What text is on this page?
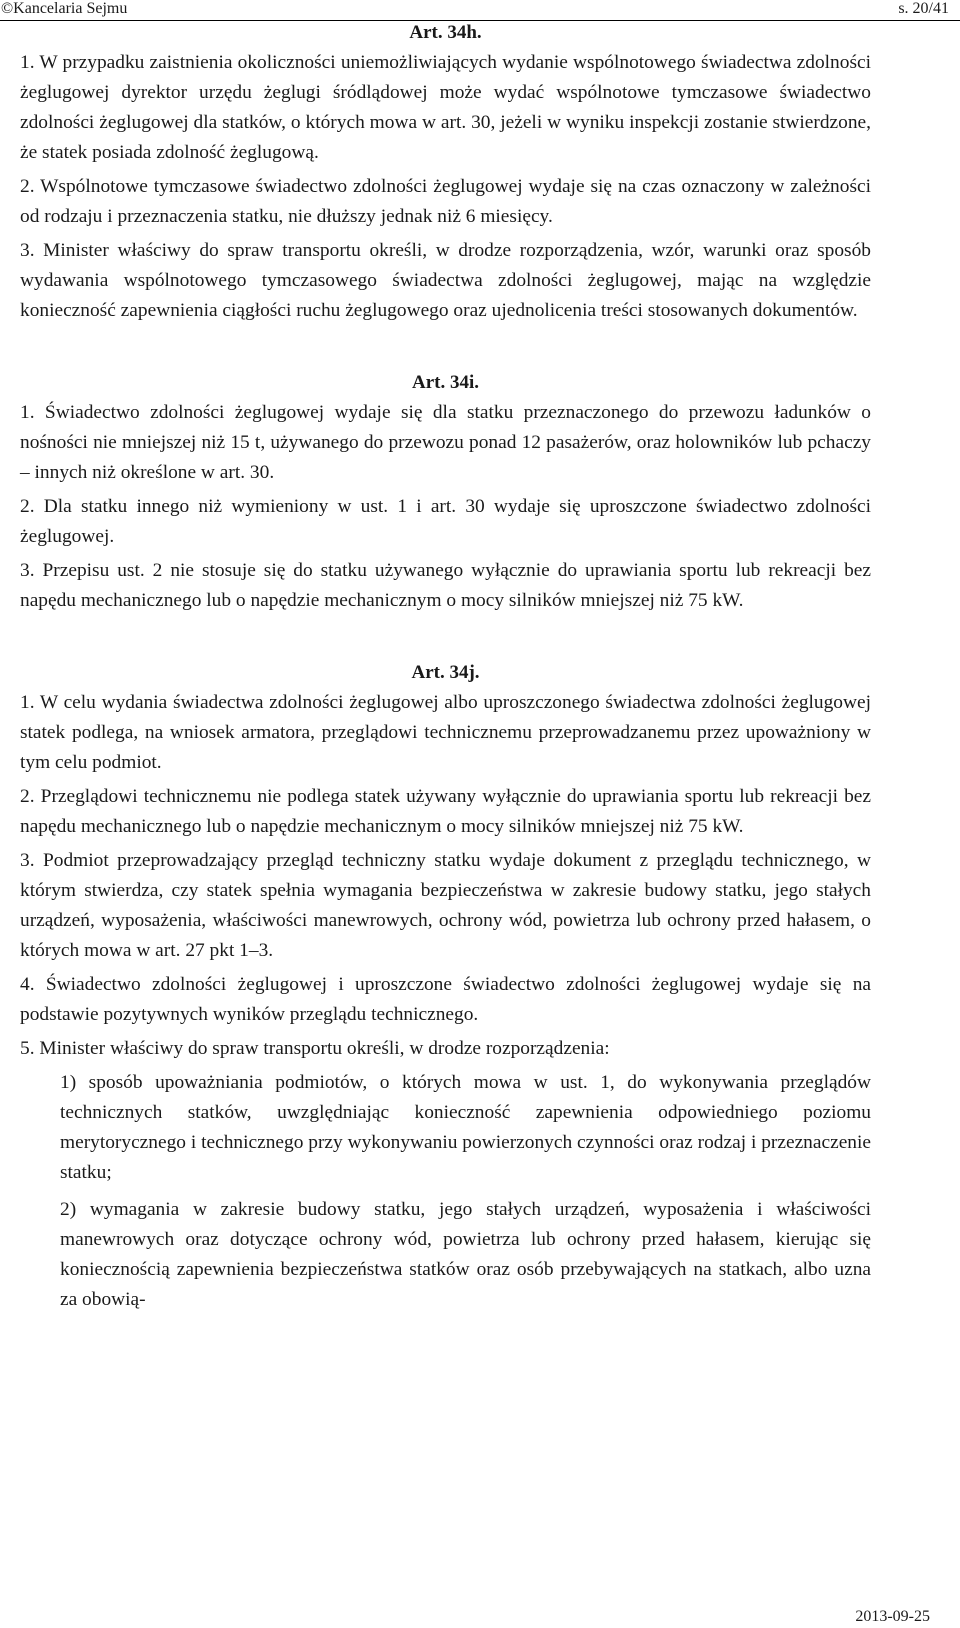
©Kancelaria Sejmu	s. 20/41
Art. 34h.
1. W przypadku zaistnienia okoliczności uniemożliwiających wydanie wspólnotowego świadectwa zdolności żeglugowej dyrektor urzędu żeglugi śródlądowej może wydać wspólnotowe tymczasowe świadectwo zdolności żeglugowej dla statków, o których mowa w art. 30, jeżeli w wyniku inspekcji zostanie stwierdzone, że statek posiada zdolność żeglugową.
2. Wspólnotowe tymczasowe świadectwo zdolności żeglugowej wydaje się na czas oznaczony w zależności od rodzaju i przeznaczenia statku, nie dłuższy jednak niż 6 miesięcy.
3. Minister właściwy do spraw transportu określi, w drodze rozporządzenia, wzór, warunki oraz sposób wydawania wspólnotowego tymczasowego świadectwa zdolności żeglugowej, mając na względzie konieczność zapewnienia ciągłości ruchu żeglugowego oraz ujednolicenia treści stosowanych dokumentów.
Art. 34i.
1. Świadectwo zdolności żeglugowej wydaje się dla statku przeznaczonego do przewozu ładunków o nośności nie mniejszej niż 15 t, używanego do przewozu ponad 12 pasażerów, oraz holowników lub pchaczy – innych niż określone w art. 30.
2. Dla statku innego niż wymieniony w ust. 1 i art. 30 wydaje się uproszczone świadectwo zdolności żeglugowej.
3. Przepisu ust. 2 nie stosuje się do statku używanego wyłącznie do uprawiania sportu lub rekreacji bez napędu mechanicznego lub o napędzie mechanicznym o mocy silników mniejszej niż 75 kW.
Art. 34j.
1. W celu wydania świadectwa zdolności żeglugowej albo uproszczonego świadectwa zdolności żeglugowej statek podlega, na wniosek armatora, przeglądowi technicznemu przeprowadzanemu przez upoważniony w tym celu podmiot.
2. Przeglądowi technicznemu nie podlega statek używany wyłącznie do uprawiania sportu lub rekreacji bez napędu mechanicznego lub o napędzie mechanicznym o mocy silników mniejszej niż 75 kW.
3. Podmiot przeprowadzający przegląd techniczny statku wydaje dokument z przeglądu technicznego, w którym stwierdza, czy statek spełnia wymagania bezpieczeństwa w zakresie budowy statku, jego stałych urządzeń, wyposażenia, właściwości manewrowych, ochrony wód, powietrza lub ochrony przed hałasem, o których mowa w art. 27 pkt 1–3.
4. Świadectwo zdolności żeglugowej i uproszczone świadectwo zdolności żeglugowej wydaje się na podstawie pozytywnych wyników przeglądu technicznego.
5. Minister właściwy do spraw transportu określi, w drodze rozporządzenia:
1) sposób upoważniania podmiotów, o których mowa w ust. 1, do wykonywania przeglądów technicznych statków, uwzględniając konieczność zapewnienia odpowiedniego poziomu merytorycznego i technicznego przy wykonywaniu powierzonych czynności oraz rodzaj i przeznaczenie statku;
2) wymagania w zakresie budowy statku, jego stałych urządzeń, wyposażenia i właściwości manewrowych oraz dotyczące ochrony wód, powietrza lub ochrony przed hałasem, kierując się koniecznością zapewnienia bezpieczeństwa statków oraz osób przebywających na statkach, albo uzna za obowią-
2013-09-25
